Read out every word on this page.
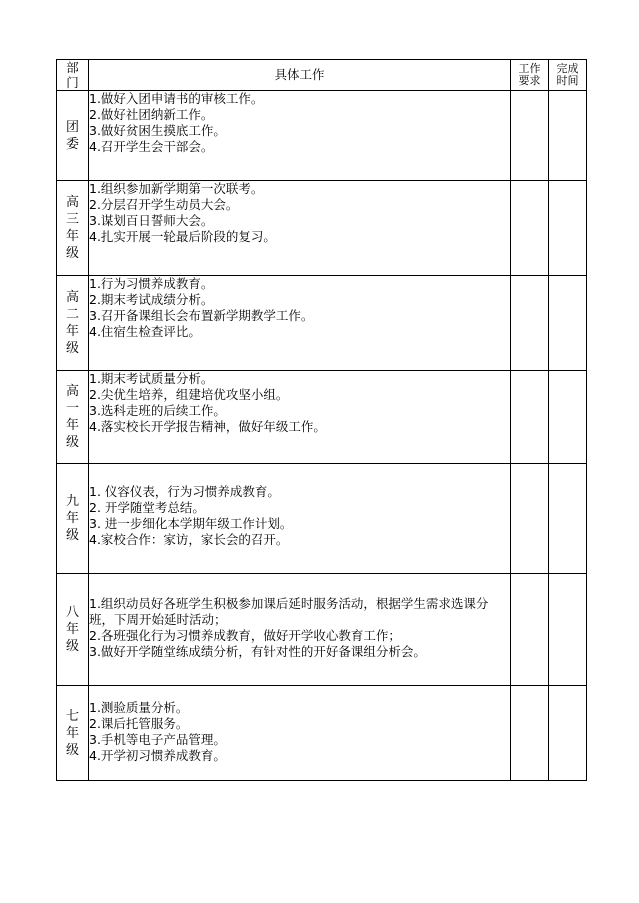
部门	具体工作	工作要求	完成时间

团委	1.做好入团申请书的审核工作。
2.做好社团纳新工作。
3.做好贫困生摸底工作。
4.召开学生会干部会。		

高三年级	1.组织参加新学期第一次联考。
2.分层召开学生动员大会。
3.谋划百日誓师大会。
4.扎实开展一轮最后阶段的复习。		

高二年级	1.行为习惯养成教育。
2.期末考试成绩分析。
3.召开备课组长会布置新学期教学工作。
4.住宿生检查评比。		

高一年级	1.期末考试质量分析。
2.尖优生培养，组建培优攻坚小组。
3.选科走班的后续工作。
4.落实校长开学报告精神，做好年级工作。		

九年级	1. 仪容仪表，行为习惯养成教育。
2. 开学随堂考总结。
3. 进一步细化本学期年级工作计划。
4.家校合作：家访，家长会的召开。		

八年级	1.组织动员好各班学生积极参加课后延时服务活动，根据学生需求选课分班，下周开始延时活动；
2.各班强化行为习惯养成教育，做好开学收心教育工作；
3.做好开学随堂练成绩分析，有针对性的开好备课组分析会。		

七年级	1.测验质量分析。
2.课后托管服务。
3.手机等电子产品管理。
4.开学初习惯养成教育。		
